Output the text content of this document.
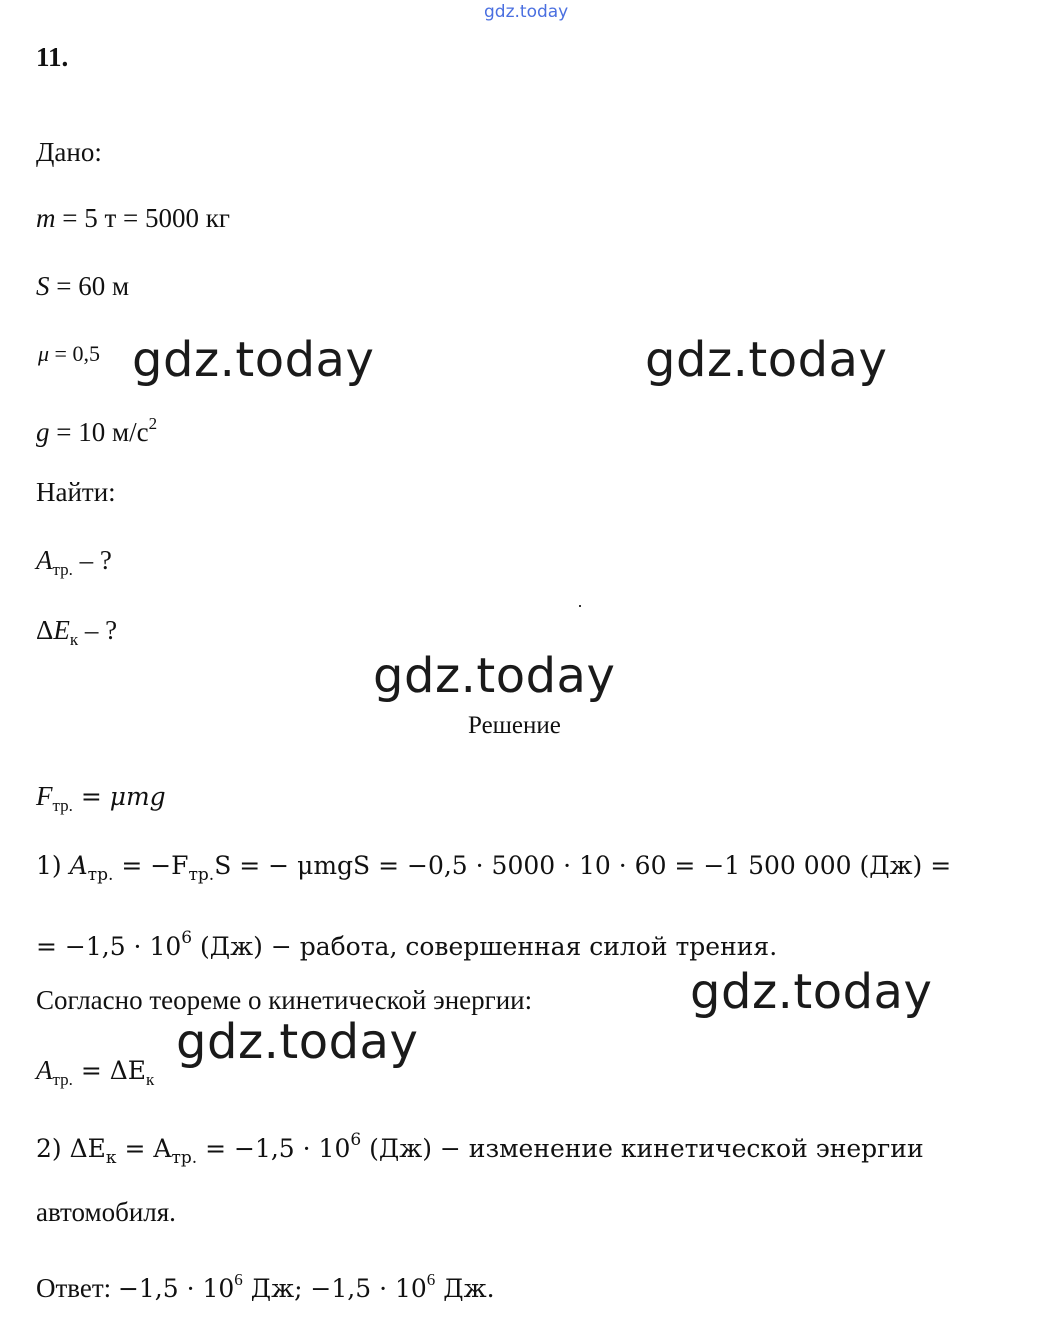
gdz.today
11.
Дано:
m = 5 т = 5000 кг
S = 60 м
μ = 0,5
g = 10 $м/с^2$
Найти:
$A_{тр.}$ – ?
$\Delta E_к$ – ?
Решение
$F_{тр.} = \mu mg$
1) $A_{тр.} = -F_{тр.}S$ = − μmgS = −0,5 · 5000 · 10 · 60 = −1 500 000 (Дж) =
= $-1,5 \cdot 10^6$ (Дж) − работа, совершенная силой трения.
Согласно теореме о кинетической энергии:
$A_{тр.} = \Delta E_к$
2) $\Delta E_к = A_{тр.} = -1,5 \cdot 10^6$ (Дж) − изменение кинетической энергии
автомобиля.
Ответ: $-1,5 \cdot 10^6$ Дж; $-1,5 \cdot 10^6$ Дж.
gdz.today	gdz.today
gdz.today
gdz.today
gdz.today
